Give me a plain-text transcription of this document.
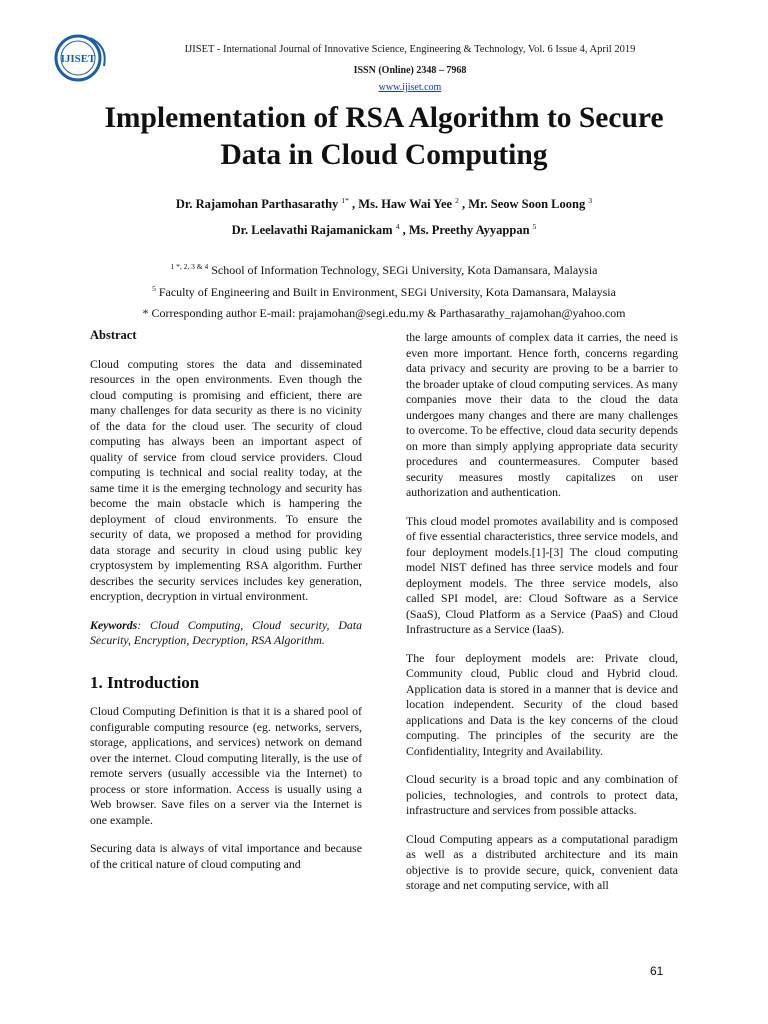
IJISET
IJISET - International Journal of Innovative Science, Engineering & Technology, Vol. 6 Issue 4, April 2019
ISSN (Online) 2348 – 7968
www.ijiset.com
Implementation of RSA Algorithm to Secure
Data in Cloud Computing
Dr. Rajamohan Parthasarathy $^{1*}$ , Ms. Haw Wai Yee $^2$ , Mr. Seow Soon Loong $^3$
Dr. Leelavathi Rajamanickam $^4$ , Ms. Preethy Ayyappan $^5$
$^{1 *, 2, 3 \& 4}$ School of Information Technology, SEGi University, Kota Damansara, Malaysia
$^5$ Faculty of Engineering and Built in Environment, SEGi University, Kota Damansara, Malaysia
* Corresponding author E-mail: prajamohan@segi.edu.my & Parthasarathy_rajamohan@yahoo.com

Abstract

Cloud computing stores the data and disseminated resources in the open environments. Even though the cloud computing is promising and efficient, there are many challenges for data security as there is no vicinity of the data for the cloud user. The security of cloud computing has always been an important aspect of quality of service from cloud service providers. Cloud computing is technical and social reality today, at the same time it is the emerging technology and security has become the main obstacle which is hampering the deployment of cloud environments. To ensure the security of data, we proposed a method for providing data storage and security in cloud using public key cryptosystem by implementing RSA algorithm. Further describes the security services includes key generation, encryption, decryption in virtual environment.

Keywords: Cloud Computing, Cloud security, Data Security, Encryption, Decryption, RSA Algorithm.

1. Introduction

Cloud Computing Definition is that it is a shared pool of configurable computing resource (eg. networks, servers, storage, applications, and services) network on demand over the internet. Cloud computing literally, is the use of remote servers (usually accessible via the Internet) to process or store information. Access is usually using a Web browser. Save files on a server via the Internet is one example.

Securing data is always of vital importance and because of the critical nature of cloud computing and

the large amounts of complex data it carries, the need is even more important. Hence forth, concerns regarding data privacy and security are proving to be a barrier to the broader uptake of cloud computing services. As many companies move their data to the cloud the data undergoes many changes and there are many challenges to overcome. To be effective, cloud data security depends on more than simply applying appropriate data security procedures and countermeasures. Computer based security measures mostly capitalizes on user authorization and authentication.

This cloud model promotes availability and is composed of five essential characteristics, three service models, and four deployment models.[1]-[3] The cloud computing model NIST defined has three service models and four deployment models. The three service models, also called SPI model, are: Cloud Software as a Service (SaaS), Cloud Platform as a Service (PaaS) and Cloud Infrastructure as a Service (IaaS).

The four deployment models are: Private cloud, Community cloud, Public cloud and Hybrid cloud. Application data is stored in a manner that is device and location independent. Security of the cloud based applications and Data is the key concerns of the cloud computing. The principles of the security are the Confidentiality, Integrity and Availability.

Cloud security is a broad topic and any combination of policies, technologies, and controls to protect data, infrastructure and services from possible attacks.

Cloud Computing appears as a computational paradigm as well as a distributed architecture and its main objective is to provide secure, quick, convenient data storage and net computing service, with all

61
